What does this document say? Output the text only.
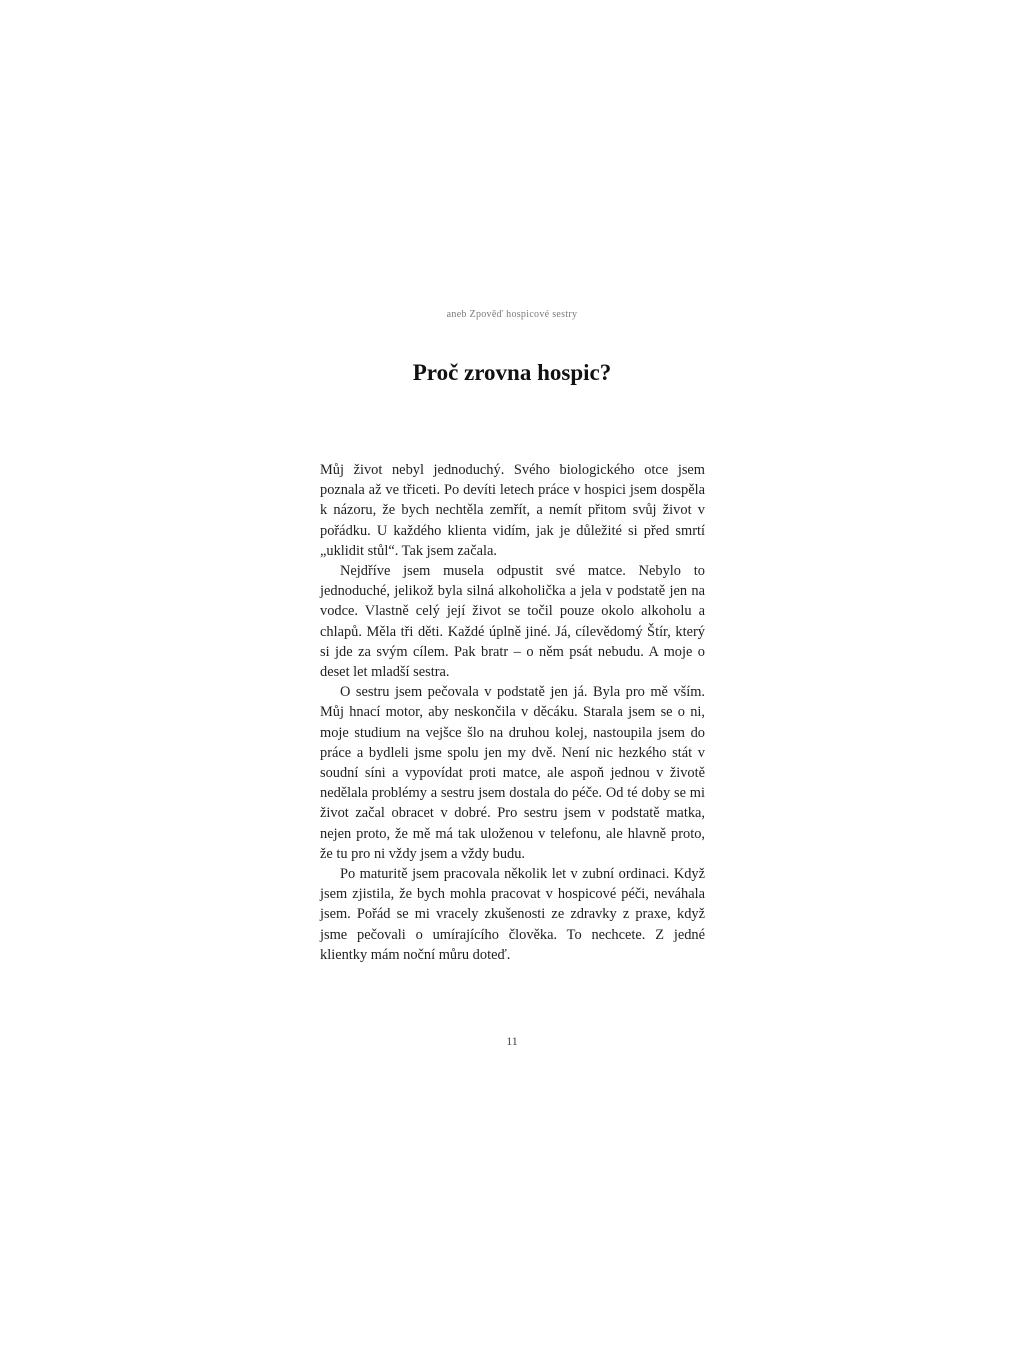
aneb Zpověď hospicové sestry
Proč zrovna hospic?

Můj život nebyl jednoduchý. Svého biologického otce jsem poznala až ve třiceti. Po devíti letech práce v hospici jsem dospěla k názoru, že bych nechtěla zemřít, a nemít přitom svůj život v pořádku. U každého klienta vidím, jak je důležité si před smrtí „uklidit stůl“. Tak jsem začala.

Nejdříve jsem musela odpustit své matce. Nebylo to jednoduché, jelikož byla silná alkoholička a jela v podstatě jen na vodce. Vlastně celý její život se točil pouze okolo alkoholu a chlapů. Měla tři děti. Každé úplně jiné. Já, cílevědomý Štír, který si jde za svým cílem. Pak bratr – o něm psát nebudu. A moje o deset let mladší sestra.

O sestru jsem pečovala v podstatě jen já. Byla pro mě vším. Můj hnací motor, aby neskončila v děcáku. Starala jsem se o ni, moje studium na vejšce šlo na druhou kolej, nastoupila jsem do práce a bydleli jsme spolu jen my dvě. Není nic hezkého stát v soudní síni a vypovídat proti matce, ale aspoň jednou v životě nedělala problémy a sestru jsem dostala do péče. Od té doby se mi život začal obracet v dobré. Pro sestru jsem v podstatě matka, nejen proto, že mě má tak uloženou v telefonu, ale hlavně proto, že tu pro ni vždy jsem a vždy budu.

Po maturitě jsem pracovala několik let v zubní ordinaci. Když jsem zjistila, že bych mohla pracovat v hospicové péči, neváhala jsem. Pořád se mi vracely zkušenosti ze zdravky z praxe, když jsme pečovali o umírajícího člověka. To nechcete. Z jedné klientky mám noční můru doteď.

11
